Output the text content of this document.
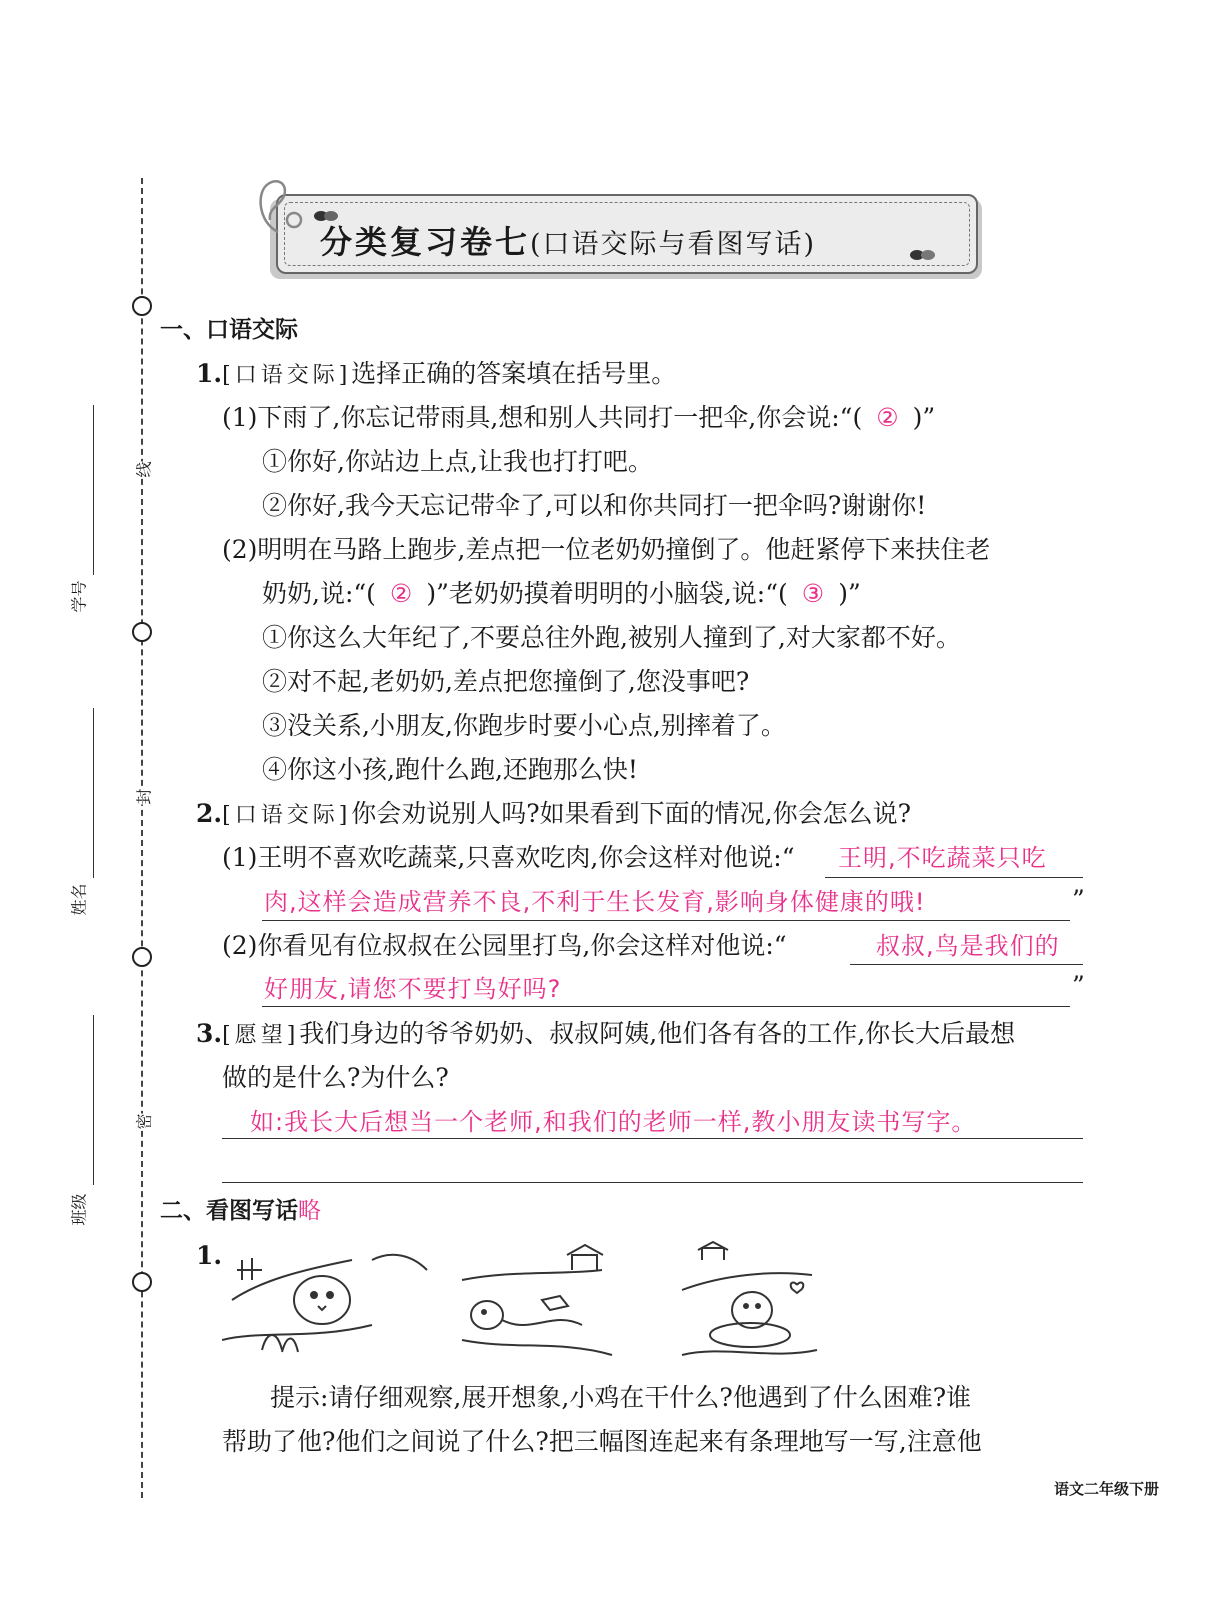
线
封
密
学号
姓名
班级
分类复习卷七(口语交际与看图写话)
一、口语交际
1.[口语交际]选择正确的答案填在括号里。
(1)下雨了,你忘记带雨具,想和别人共同打一把伞,你会说:“( ② )”
①你好,你站边上点,让我也打打吧。
②你好,我今天忘记带伞了,可以和你共同打一把伞吗?谢谢你!
(2)明明在马路上跑步,差点把一位老奶奶撞倒了。他赶紧停下来扶住老
奶奶,说:“( ② )”老奶奶摸着明明的小脑袋,说:“( ③ )”
①你这么大年纪了,不要总往外跑,被别人撞到了,对大家都不好。
②对不起,老奶奶,差点把您撞倒了,您没事吧?
③没关系,小朋友,你跑步时要小心点,别摔着了。
④你这小孩,跑什么跑,还跑那么快!
2.[口语交际]你会劝说别人吗?如果看到下面的情况,你会怎么说?
(1)王明不喜欢吃蔬菜,只喜欢吃肉,你会这样对他说:“ 王明,不吃蔬菜只吃
肉,这样会造成营养不良,不利于生长发育,影响身体健康的哦!	”
(2)你看见有位叔叔在公园里打鸟,你会这样对他说:“	叔叔,鸟是我们的
好朋友,请您不要打鸟好吗?	”
3.[愿望]我们身边的爷爷奶奶、叔叔阿姨,他们各有各的工作,你长大后最想
做的是什么?为什么?
如:我长大后想当一个老师,和我们的老师一样,教小朋友读书写字。
二、看图写话略
1.
提示:请仔细观察,展开想象,小鸡在干什么?他遇到了什么困难?谁
帮助了他?他们之间说了什么?把三幅图连起来有条理地写一写,注意他
语文二年级下册
